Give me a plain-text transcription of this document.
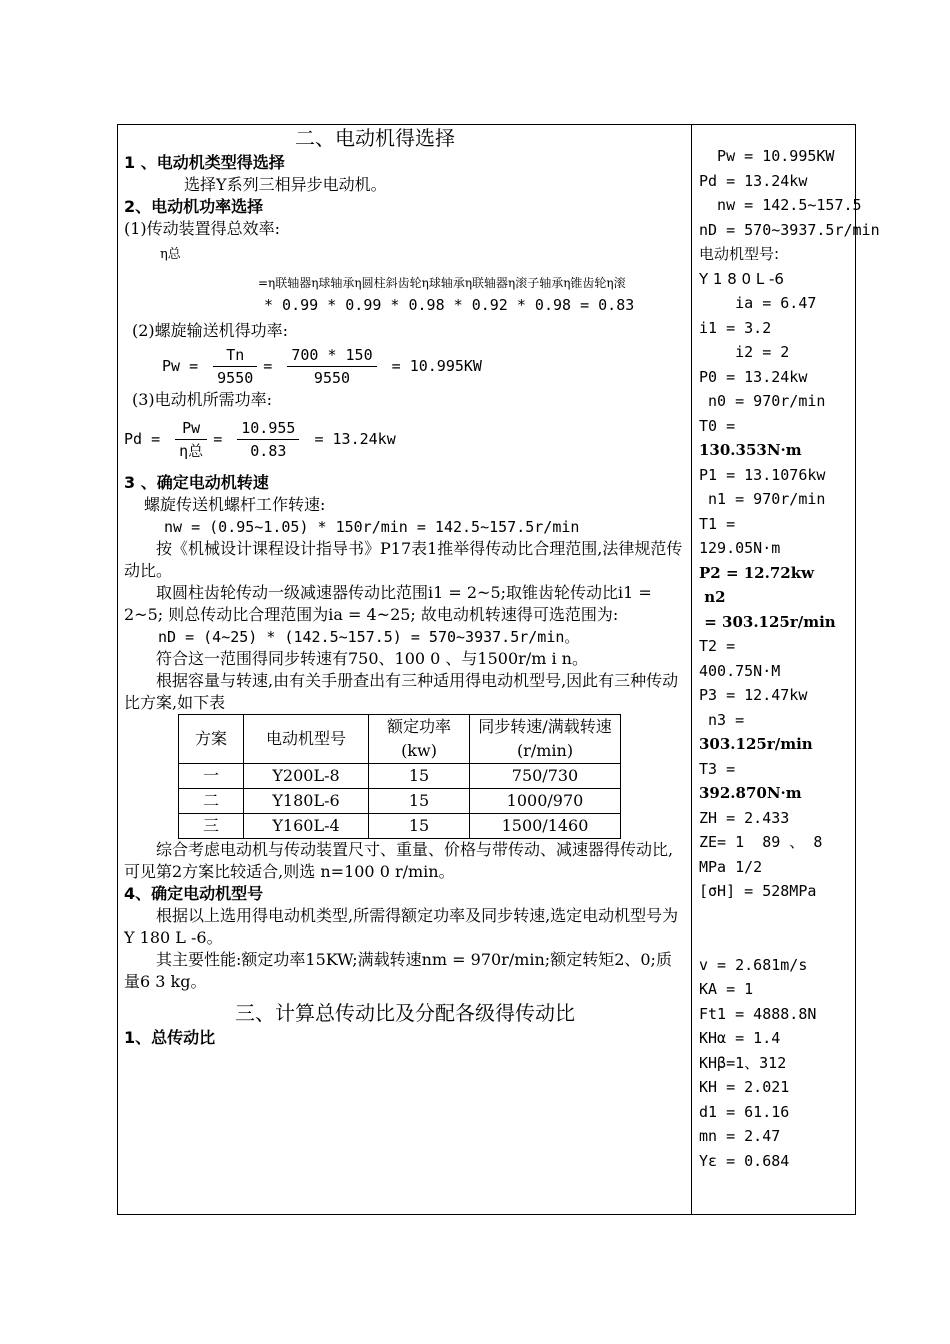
二、电动机得选择

1 、电动机类型得选择

选择Y系列三相异步电动机。

2、电动机功率选择

(1)传动装置得总效率:

η总

=η联轴器η球轴承η圆柱斜齿轮η球轴承η联轴器η滚子轴承η锥齿轮η滚

* 0.99 * 0.99 * 0.98 * 0.92 * 0.98 = 0.83

(2)螺旋输送机得功率:

$Pw = \frac{Tn}{9550} = \frac{700 * 150}{9550} = 10.995KW$

(3)电动机所需功率:

$Pd = \frac{Pw}{\text{η总}} = \frac{10.955}{0.83} = 13.24kw$

3 、确定电动机转速

螺旋传送机螺杆工作转速:

nw = (0.95~1.05) * 150r/min = 142.5~157.5r/min

按《机械设计课程设计指导书》P17表1推举得传动比合理范围,法律规范传动比。

取圆柱齿轮传动一级减速器传动比范围i1 = 2~5;取锥齿轮传动比i1 = 2~5; 则总传动比合理范围为ia = 4~25; 故电动机转速得可选范围为:

nD = (4~25) * (142.5~157.5) = 570~3937.5r/min。

符合这一范围得同步转速有750、100 0 、与1500r/m i n。

根据容量与转速,由有关手册查出有三种适用得电动机型号,因此有三种传动比方案,如下表

方案	电动机型号	额定功率(kw)	同步转速/满载转速(r/min)
一	Y200L-8	15	750/730
二	Y180L-6	15	1000/970
三	Y160L-4	15	1500/1460

综合考虑电动机与传动装置尺寸、重量、价格与带传动、减速器得传动比,可见第2方案比较适合,则选 n=100 0 r/min。

4、确定电动机型号

根据以上选用得电动机类型,所需得额定功率及同步转速,选定电动机型号为Y 180 L -6。

其主要性能:额定功率15KW;满载转速nm = 970r/min;额定转矩2、0;质量6 3 kg。

三、计算总传动比及分配各级得传动比

1、总传动比

Pw = 10.995KW
Pd = 13.24kw
nw = 142.5~157.5
nD = 570~3937.5r/min
电动机型号:
Y 1 8 0 L -6
ia = 6.47
i1 = 3.2
i2 = 2
P0 = 13.24kw
n0 = 970r/min
T0 =
130.353N·m
P1 = 13.1076kw
n1 = 970r/min
T1 =
129.05N·m
P2 = 12.72kw
n2
= 303.125r/min
T2 =
400.75N·M
P3 = 12.47kw
n3 =
303.125r/min
T3 =
392.870N·m
ZH = 2.433
ZE= 1  89 、 8
MPa 1/2
[σH] = 528MPa
v = 2.681m/s
KA = 1
Ft1 = 4888.8N
KHα = 1.4
KHβ=1、312
KH = 2.021
d1 = 61.16
mn = 2.47
Yε = 0.684
